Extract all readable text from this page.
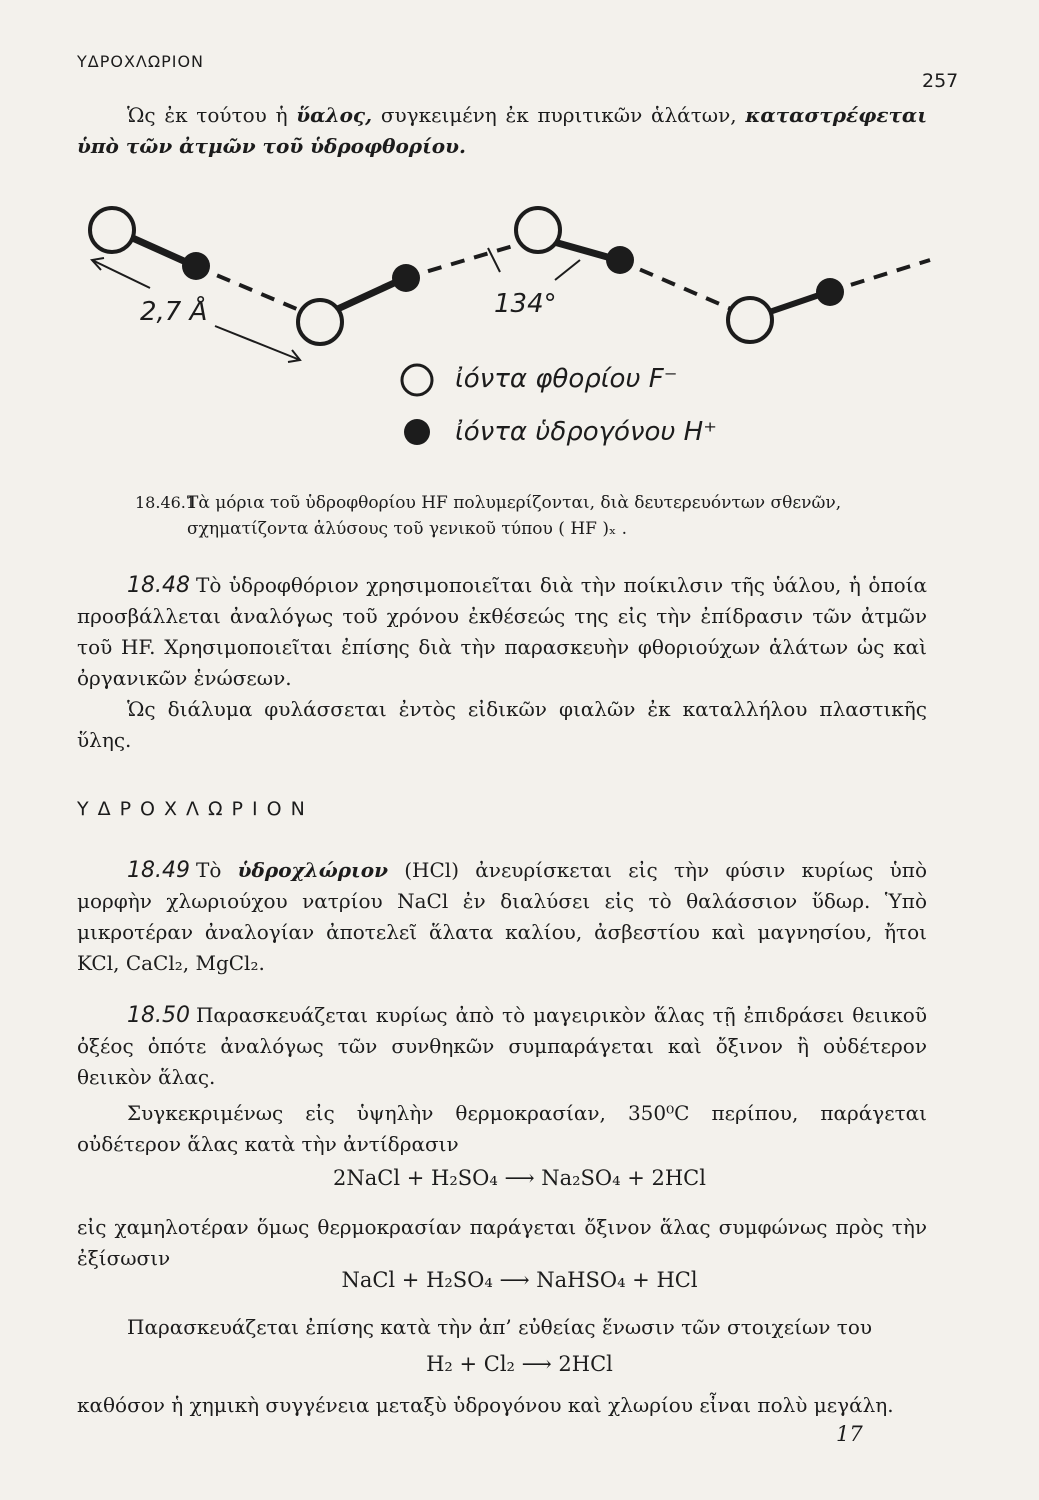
ΥΔΡΟΧΛΩΡΙΟΝ
257
Ὡς ἐκ τούτου ἡ ὕαλος, συγκειμένη ἐκ πυριτικῶν ἁλάτων, καταστρέφεται ὑπὸ τῶν ἀτμῶν τοῦ ὑδροφθορίου.
2,7 Å	134°
ἰόντα φθορίου F⁻
ἰόντα ὑδρογόνου H⁺
18.46.1
Τὰ μόρια τοῦ ὑδροφθορίου HF πολυμερίζονται, διὰ δευτερευόντων σθενῶν, σχηματίζοντα ἁλύσους τοῦ γενικοῦ τύπου ( HF )ₓ .
18.48 Τὸ ὑδροφθόριον χρησιμοποιεῖται διὰ τὴν ποίκιλσιν τῆς ὑάλου, ἡ ὁποία προσβάλλεται ἀναλόγως τοῦ χρόνου ἐκθέσεώς της εἰς τὴν ἐπίδρασιν τῶν ἀτμῶν τοῦ HF. Χρησιμοποιεῖται ἐπίσης διὰ τὴν παρασκευὴν φθοριούχων ἁλάτων ὡς καὶ ὀργανικῶν ἑνώσεων.
Ὡς διάλυμα φυλάσσεται ἐντὸς εἰδικῶν φιαλῶν ἐκ καταλλήλου πλαστικῆς ὕλης.
ΥΔΡΟΧΛΩΡΙΟΝ
18.49 Τὸ ὑδροχλώριον (HCl) ἀνευρίσκεται εἰς τὴν φύσιν κυρίως ὑπὸ μορφὴν χλωριούχου νατρίου NaCl ἐν διαλύσει εἰς τὸ θαλάσσιον ὕδωρ. Ὑπὸ μικροτέραν ἀναλογίαν ἀποτελεῖ ἅλατα καλίου, ἀσβεστίου καὶ μαγνησίου, ἤτοι KCl, CaCl₂, MgCl₂.
18.50 Παρασκευάζεται κυρίως ἀπὸ τὸ μαγειρικὸν ἅλας τῇ ἐπιδράσει θειικοῦ ὀξέος ὁπότε ἀναλόγως τῶν συνθηκῶν συμπαράγεται καὶ ὄξινον ἢ οὐδέτερον θειικὸν ἅλας.
Συγκεκριμένως εἰς ὑψηλὴν θερμοκρασίαν, 350⁰C περίπου, παράγεται οὐδέτερον ἅλας κατὰ τὴν ἀντίδρασιν
2NaCl + H₂SO₄ ⟶ Na₂SO₄ + 2HCl
εἰς χαμηλοτέραν ὅμως θερμοκρασίαν παράγεται ὄξινον ἅλας συμφώνως πρὸς τὴν ἐξίσωσιν
NaCl + H₂SO₄ ⟶ NaHSO₄ + HCl
Παρασκευάζεται ἐπίσης κατὰ τὴν ἀπ’ εὐθείας ἕνωσιν τῶν στοιχείων του
H₂ + Cl₂ ⟶ 2HCl
καθόσον ἡ χημικὴ συγγένεια μεταξὺ ὑδρογόνου καὶ χλωρίου εἶναι πολὺ μεγάλη.
17
